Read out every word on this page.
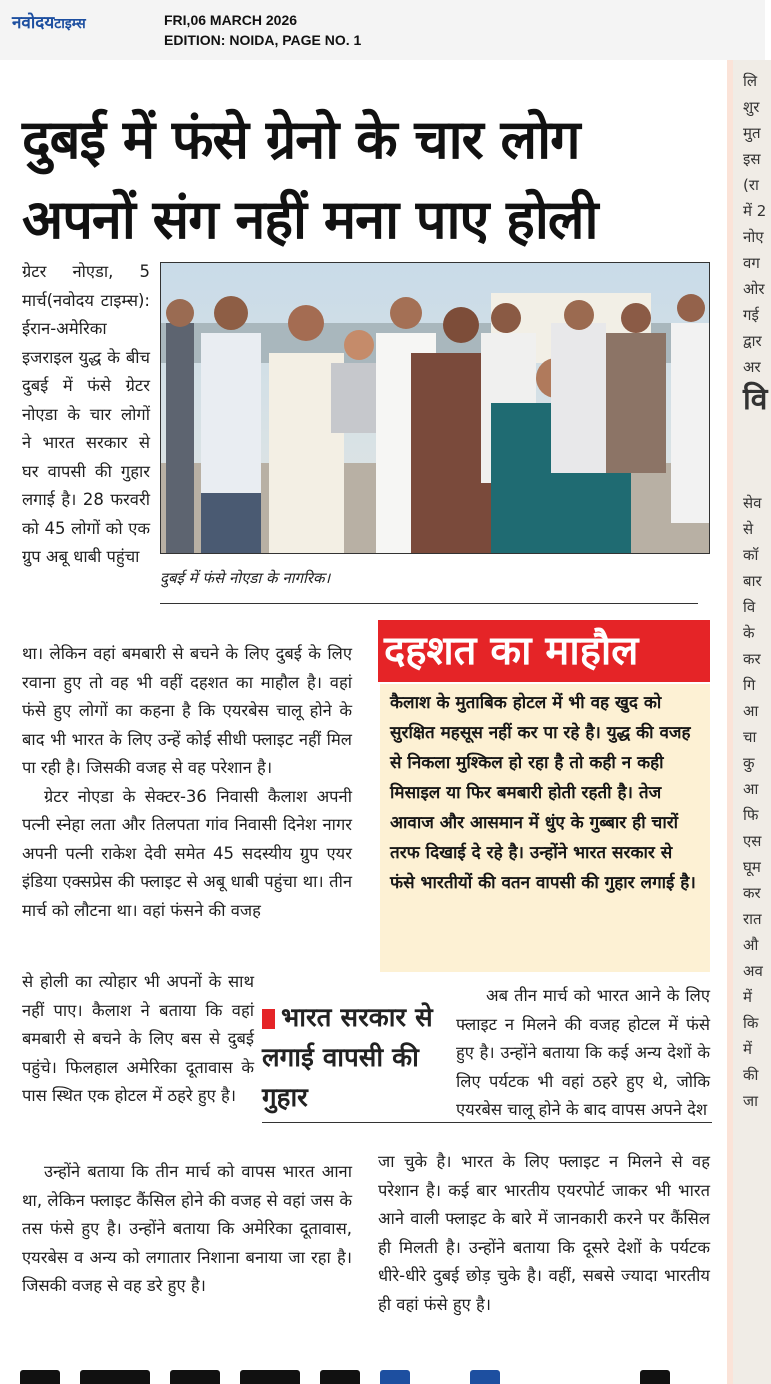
नवोदयटाइम्स	FRI,06 MARCH 2026
EDITION: NOIDA, PAGE NO. 1
लि
शुर
मुत
इस
(रा
में 2
नोए
वग
ओर
गई
द्वार
अर
वि
सेव
से
कॉ
बार
वि
के
कर
गि
आ
चा
कु
आ
फि
एस
घूम
कर
रात
औ
अव
में
कि
में
की
जा
दुबई में फंसे ग्रेनो के चार लोग
अपनों संग नहीं मना पाए होली
दुबई में फंसे नोएडा के नागरिक।
ग्रेटर नोएडा, 5 मार्च(नवोदय टाइम्स): ईरान-अमेरिका इजराइल युद्ध के बीच दुबई में फंसे ग्रेटर नोएडा के चार लोगों ने भारत सरकार से घर वापसी की गुहार लगाई है। 28 फरवरी को 45 लोगों को एक ग्रुप अबू धाबी पहुंचा
था। लेकिन वहां बमबारी से बचने के लिए दुबई के लिए रवाना हुए तो वह भी वहीं दहशत का माहौल है। वहां फंसे हुए लोगों का कहना है कि एयरबेस चालू होने के बाद भी भारत के लिए उन्हें कोई सीधी फ्लाइट नहीं मिल पा रही है। जिसकी वजह से वह परेशान है।
ग्रेटर नोएडा के सेक्टर-36 निवासी कैलाश अपनी पत्नी स्नेहा लता और तिलपता गांव निवासी दिनेश नागर अपनी पत्नी राकेश देवी समेत 45 सदस्यीय ग्रुप एयर इंडिया एक्सप्रेस की फ्लाइट से अबू धाबी पहुंचा था। तीन मार्च को लौटना था। वहां फंसने की वजह
से होली का त्योहार भी अपनों के साथ नहीं पाए। कैलाश ने बताया कि वहां बमबारी से बचने के लिए बस से दुबई पहुंचे। फिलहाल अमेरिका दूतावास के पास स्थित एक होटल में ठहरे हुए है।
उन्होंने बताया कि तीन मार्च को वापस भारत आना था, लेकिन फ्लाइट कैंसिल होने की वजह से वहां जस के तस फंसे हुए है। उन्होंने बताया कि अमेरिका दूतावास, एयरबेस व अन्य को लगातार निशाना बनाया जा रहा है। जिसकी वजह से वह डरे हुए है।
दहशत का माहौल
कैलाश के मुताबिक होटल में भी वह खुद को सुरक्षित महसूस नहीं कर पा रहे है। युद्ध की वजह से निकला मुश्किल हो रहा है तो कही न कही मिसाइल या फिर बमबारी होती रहती है। तेज आवाज और आसमान में धुंए के गुब्बार ही चारों तरफ दिखाई दे रहे है। उन्होंने भारत सरकार से फंसे भारतीयों की वतन वापसी की गुहार लगाई है।
भारत सरकार से लगाई वापसी की गुहार
अब तीन मार्च को भारत आने के लिए फ्लाइट न मिलने की वजह होटल में फंसे हुए है। उन्होंने बताया कि कई अन्य देशों के लिए पर्यटक भी वहां ठहरे हुए थे, जोकि एयरबेस चालू होने के बाद वापस अपने देश
जा चुके है। भारत के लिए फ्लाइट न मिलने से वह परेशान है। कई बार भारतीय एयरपोर्ट जाकर भी भारत आने वाली फ्लाइट के बारे में जानकारी करने पर कैंसिल ही मिलती है। उन्होंने बताया कि दूसरे देशों के पर्यटक धीरे-धीरे दुबई छोड़ चुके है। वहीं, सबसे ज्यादा भारतीय ही वहां फंसे हुए है।
